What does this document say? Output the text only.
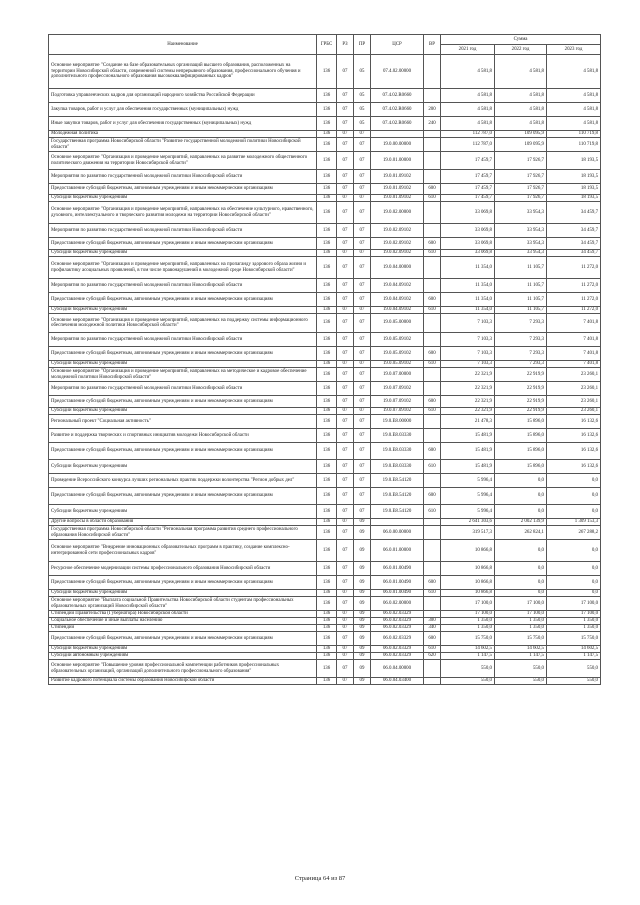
Наименование	ГРБС	РЗ	ПР	ЦСР	ВР	Сумма		
						2021 год	2022 год	2023 год
Основное мероприятие "Создание на базе образовательных организаций высшего образования, расположенных на территории Новосибирской области, современной системы непрерывного образования, профессионального обучения и дополнительного профессионального образования высококвалифицированных кадров"	136	07	05	07.4.02.00000		4 581,8	4 581,8	4 581,8
Подготовка управленческих кадров для организаций народного хозяйства Российской Федерации	136	07	05	07.4.02.R0660		4 581,8	4 581,8	4 581,8
Закупка товаров, работ и услуг для обеспечения государственных (муниципальных) нужд	136	07	05	07.4.02.R0660	200	4 581,8	4 581,8	4 581,8
Иные закупки товаров, работ и услуг для обеспечения государственных (муниципальных) нужд	136	07	05	07.4.02.R0660	240	4 581,8	4 581,8	4 581,8
Молодежная политика	136	07	07			112 787,0	109 095,9	110 719,8
Государственная программа Новосибирской области "Развитие государственной молодежной политики Новосибирской области"	136	07	07	19.0.00.00000		112 787,0	109 095,9	110 719,8
Основное мероприятие "Организация и проведение мероприятий, направленных на развитие молодежного общественного политического движения на территории Новосибирской области"	136	07	07	19.0.01.00000		17 459,7	17 926,7	18 193,5
Мероприятия по развитию государственной молодежной политики Новосибирской области	136	07	07	19.0.01.09102		17 459,7	17 926,7	18 193,5
Предоставление субсидий бюджетным, автономным учреждениям и иным некоммерческим организациям	136	07	07	19.0.01.09102	600	17 459,7	17 926,7	18 193,5
Субсидии бюджетным учреждениям	136	07	07	19.0.01.09102	610	17 459,7	17 926,7	18 193,5
Основное мероприятие "Организация и проведение мероприятий, направленных на обеспечение культурного, нравственного, духовного, интеллектуального и творческого развития молодежи на территории Новосибирской области"	136	07	07	19.0.02.00000		33 069,8	33 954,3	34 459,7
Мероприятия по развитию государственной молодежной политики Новосибирской области	136	07	07	19.0.02.09102		33 069,8	33 954,3	34 459,7
Предоставление субсидий бюджетным, автономным учреждениям и иным некоммерческим организациям	136	07	07	19.0.02.09102	600	33 069,8	33 954,3	34 459,7
Субсидии бюджетным учреждениям	136	07	07	19.0.02.09102	610	33 069,8	33 954,3	34 459,7
Основное мероприятие "Организация и проведение мероприятий, направленных на пропаганду здорового образа жизни и профилактику асоциальных проявлений, в том числе правонарушений в молодежной среде Новосибирской области"	136	07	07	19.0.04.00000		11 354,0	11 105,7	11 272,0
Мероприятия по развитию государственной молодежной политики Новосибирской области	136	07	07	19.0.04.09102		11 354,0	11 105,7	11 272,0
Предоставление субсидий бюджетным, автономным учреждениям и иным некоммерческим организациям	136	07	07	19.0.04.09102	600	11 354,0	11 105,7	11 272,0
Субсидии бюджетным учреждениям	136	07	07	19.0.04.09102	610	11 354,0	11 105,7	11 272,0
Основное мероприятие "Организация и проведение мероприятий, направленных на поддержку системы информационного обеспечения молодежной политики Новосибирской области"	136	07	07	19.0.05.00000		7 103,3	7 293,3	7 401,8
Мероприятия по развитию государственной молодежной политики Новосибирской области	136	07	07	19.0.05.09102		7 103,3	7 293,3	7 401,8
Предоставление субсидий бюджетным, автономным учреждениям и иным некоммерческим организациям	136	07	07	19.0.05.09102	600	7 103,3	7 293,3	7 401,8
Субсидии бюджетным учреждениям	136	07	07	19.0.05.09102	610	7 103,3	7 293,3	7 401,8
Основное мероприятие "Организация и проведение мероприятий, направленных на методическое и кадровое обеспечение молодежной политики Новосибирской области"	136	07	07	19.0.07.00000		22 321,9	22 919,9	23 260,1
Мероприятия по развитию государственной молодежной политики Новосибирской области	136	07	07	19.0.07.09102		22 321,9	22 919,9	23 260,1
Предоставление субсидий бюджетным, автономным учреждениям и иным некоммерческим организациям	136	07	07	19.0.07.09102	600	22 321,9	22 919,9	23 260,1
Субсидии бюджетным учреждениям	136	07	07	19.0.07.09102	610	22 321,9	22 919,9	23 260,1
Региональный проект "Социальная активность"	136	07	07	19.0.E8.00000		21 478,3	15 896,0	16 132,6
Развитие и поддержка творческих и спортивных инициатив молодежи Новосибирской области	136	07	07	19.0.E8.03330		15 481,9	15 896,0	16 132,6
Предоставление субсидий бюджетным, автономным учреждениям и иным некоммерческим организациям	136	07	07	19.0.E8.03330	600	15 481,9	15 896,0	16 132,6
Субсидии бюджетным учреждениям	136	07	07	19.0.E8.03330	610	15 481,9	15 896,0	16 132,6
Проведение Всероссийского конкурса лучших региональных практик поддержки волонтерства "Регион добрых дел"	136	07	07	19.0.E8.54120		5 996,4	0,0	0,0
Предоставление субсидий бюджетным, автономным учреждениям и иным некоммерческим организациям	136	07	07	19.0.E8.54120	600	5 996,4	0,0	0,0
Субсидии бюджетным учреждениям	136	07	07	19.0.E8.54120	610	5 996,4	0,0	0,0
Другие вопросы в области образования	136	07	09			2 641 303,6	2 002 139,9	1 309 153,3
Государственная программа Новосибирской области "Региональная программа развития среднего профессионального образования Новосибирской области"	136	07	09	06.0.00.00000		319 517,3	262 824,1	267 288,2
Основное мероприятие "Внедрение инновационных образовательных программ в практику, создание комплексно-интегрированной сети профессиональных кадров"	136	07	09	06.0.01.00000		10 866,8	0,0	0,0
Ресурсное обеспечение модернизации системы профессионального образования Новосибирской области	136	07	09	06.0.01.00490		10 866,8	0,0	0,0
Предоставление субсидий бюджетным, автономным учреждениям и иным некоммерческим организациям	136	07	09	06.0.01.00490	600	10 866,8	0,0	0,0
Субсидии бюджетным учреждениям	136	07	09	06.0.01.00490	610	10 866,8	0,0	0,0
Основное мероприятие "Выплата социальной Правительства Новосибирской области студентам профессиональных образовательных организаций Новосибирской области"	136	07	09	06.0.02.00000		17 100,0	17 100,0	17 100,0
Стипендии Правительства (Губернатора) Новосибирской области	136	07	09	06.0.02.03329		17 100,0	17 100,0	17 100,0
Социальное обеспечение и иные выплаты населению	136	07	09	06.0.02.03329	300	1 350,0	1 350,0	1 350,0
Стипендии	136	07	09	06.0.02.03329	340	1 350,0	1 350,0	1 350,0
Предоставление субсидий бюджетным, автономным учреждениям и иным некоммерческим организациям	136	07	09	06.0.02.03329	600	15 750,0	15 750,0	15 750,0
Субсидии бюджетным учреждениям	136	07	09	06.0.02.03329	610	14 602,5	14 602,5	14 602,5
Субсидии автономным учреждениям	136	07	09	06.0.02.03329	620	1 147,5	1 147,5	1 147,5
Основное мероприятие "Повышение уровня профессиональной компетенции работников профессиональных образовательных организаций, организаций дополнительного профессионального образования"	136	07	09	06.0.04.00000		550,0	550,0	550,0
Развитие кадрового потенциала системы образования Новосибирской области	136	07	09	06.0.04.03400		550,0	550,0	550,0
Страница 64 из 87
